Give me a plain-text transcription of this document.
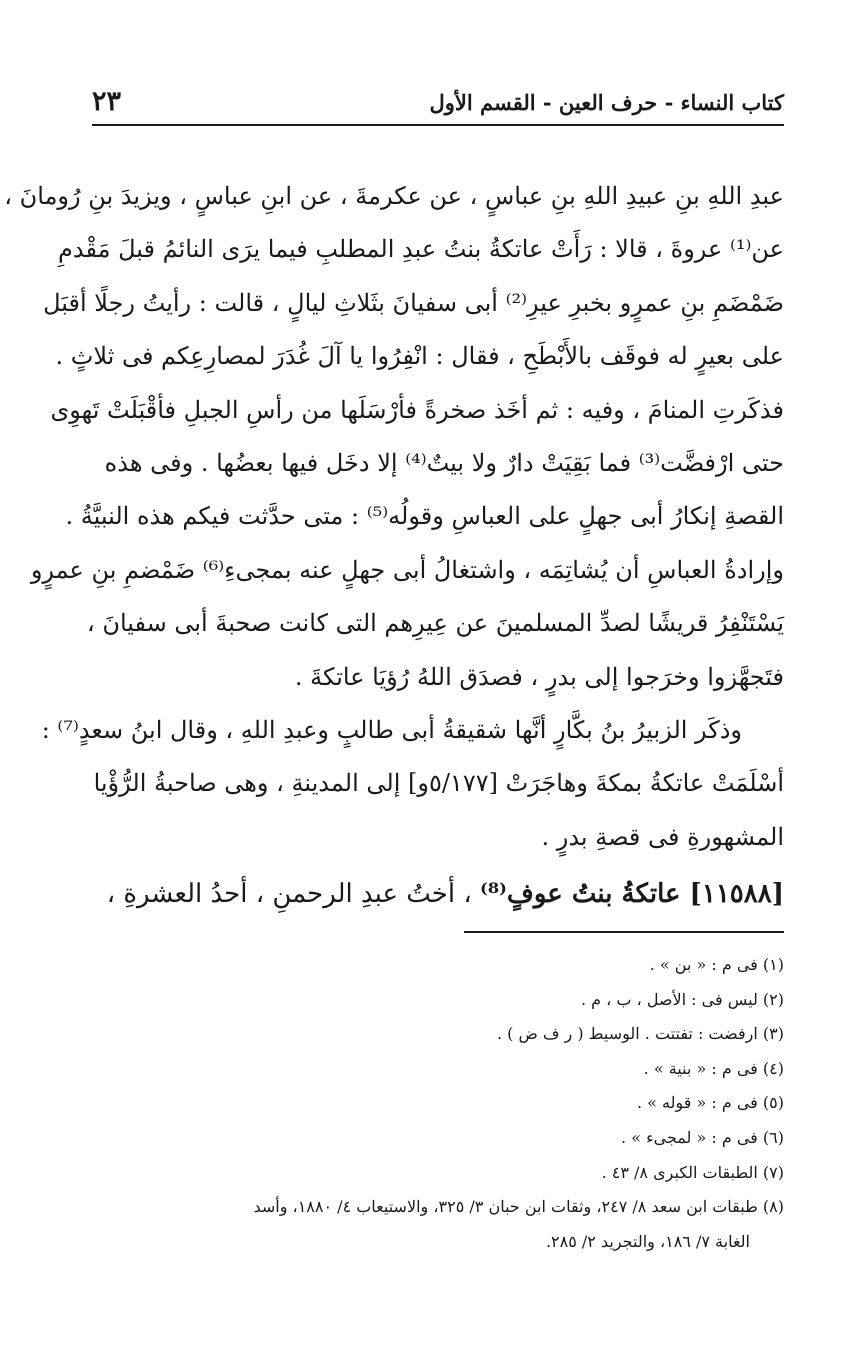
كتاب النساء - حرف العين - القسم الأول
٢٣
عبدِ اللهِ بنِ عبيدِ اللهِ بنِ عباسٍ ، عن عكرمةَ ، عن ابنِ عباسٍ ، ويزيدَ بنِ رُومانَ ،
عن⁽¹⁾ عروةَ ، قالا : رَأَتْ عاتكةُ بنتُ عبدِ المطلبِ فيما يرَى النائمُ قبلَ مَقْدمِ
ضَمْضَمِ بنِ عمرٍو بخبرِ عيرِ⁽²⁾ أبى سفيانَ بثَلاثِ ليالٍ ، قالت : رأيتُ رجلًا أقبَل
على بعيرٍ له فوقَف بالأَبْطَحِ ، فقال : انْفِرُوا يا آلَ غُدَرَ لمصارِعِكم فى ثلاثٍ .
فذكَرتِ المنامَ ، وفيه : ثم أخَذ صخرةً فأرْسَلَها من رأسِ الجبلِ فأقْبَلَتْ تَهوِى
حتى ارْفضَّت⁽³⁾ فما بَقِيَتْ دارٌ ولا بيتٌ⁽⁴⁾ إلا دخَل فيها بعضُها . وفى هذه
القصةِ إنكارُ أبى جهلٍ على العباسِ وقولُه⁽⁵⁾ : متى حدَّثت فيكم هذه النبيَّةُ .
وإرادةُ العباسِ أن يُشاتِمَه ، واشتغالُ أبى جهلٍ عنه بمجىءِ⁽⁶⁾ ضَمْضمِ بنِ عمرٍو
يَسْتَنْفِرُ قريشًا لصدِّ المسلمينَ عن عِيرِهم التى كانت صحبةَ أبى سفيانَ ،
فتَجهَّزوا وخرَجوا إلى بدرٍ ، فصدَق اللهُ رُؤيَا عاتكةَ .
وذكَر الزبيرُ بنُ بكَّارٍ أنَّها شقيقةُ أبى طالبٍ وعبدِ اللهِ ، وقال ابنُ سعدٍ⁽⁷⁾ :
أسْلَمَتْ عاتكةُ بمكةَ وهاجَرَتْ [٥/١٧٧و] إلى المدينةِ ، وهى صاحبةُ الرُّؤْيا
المشهورةِ فى قصةِ بدرٍ .
[١١٥٨٨] عاتكةُ بنتُ عوفٍ⁽⁸⁾ ، أختُ عبدِ الرحمنِ ، أحدُ العشرةِ ،
(١) فى م : « بن » .
(٢) ليس فى : الأصل ، ب ، م .
(٣) ارفضت : تفتتت . الوسيط ( ر ف ض ) .
(٤) فى م : « بنية » .
(٥) فى م : « قوله » .
(٦) فى م : « لمجىء » .
(٧) الطبقات الكبرى ٨/ ٤٣ .
(٨) طبقات ابن سعد ٨/ ٢٤٧، وثقات ابن حبان ٣/ ٣٢٥، والاستيعاب ٤/ ١٨٨٠، وأسد
الغابة ٧/ ١٨٦، والتجريد ٢/ ٢٨٥.
